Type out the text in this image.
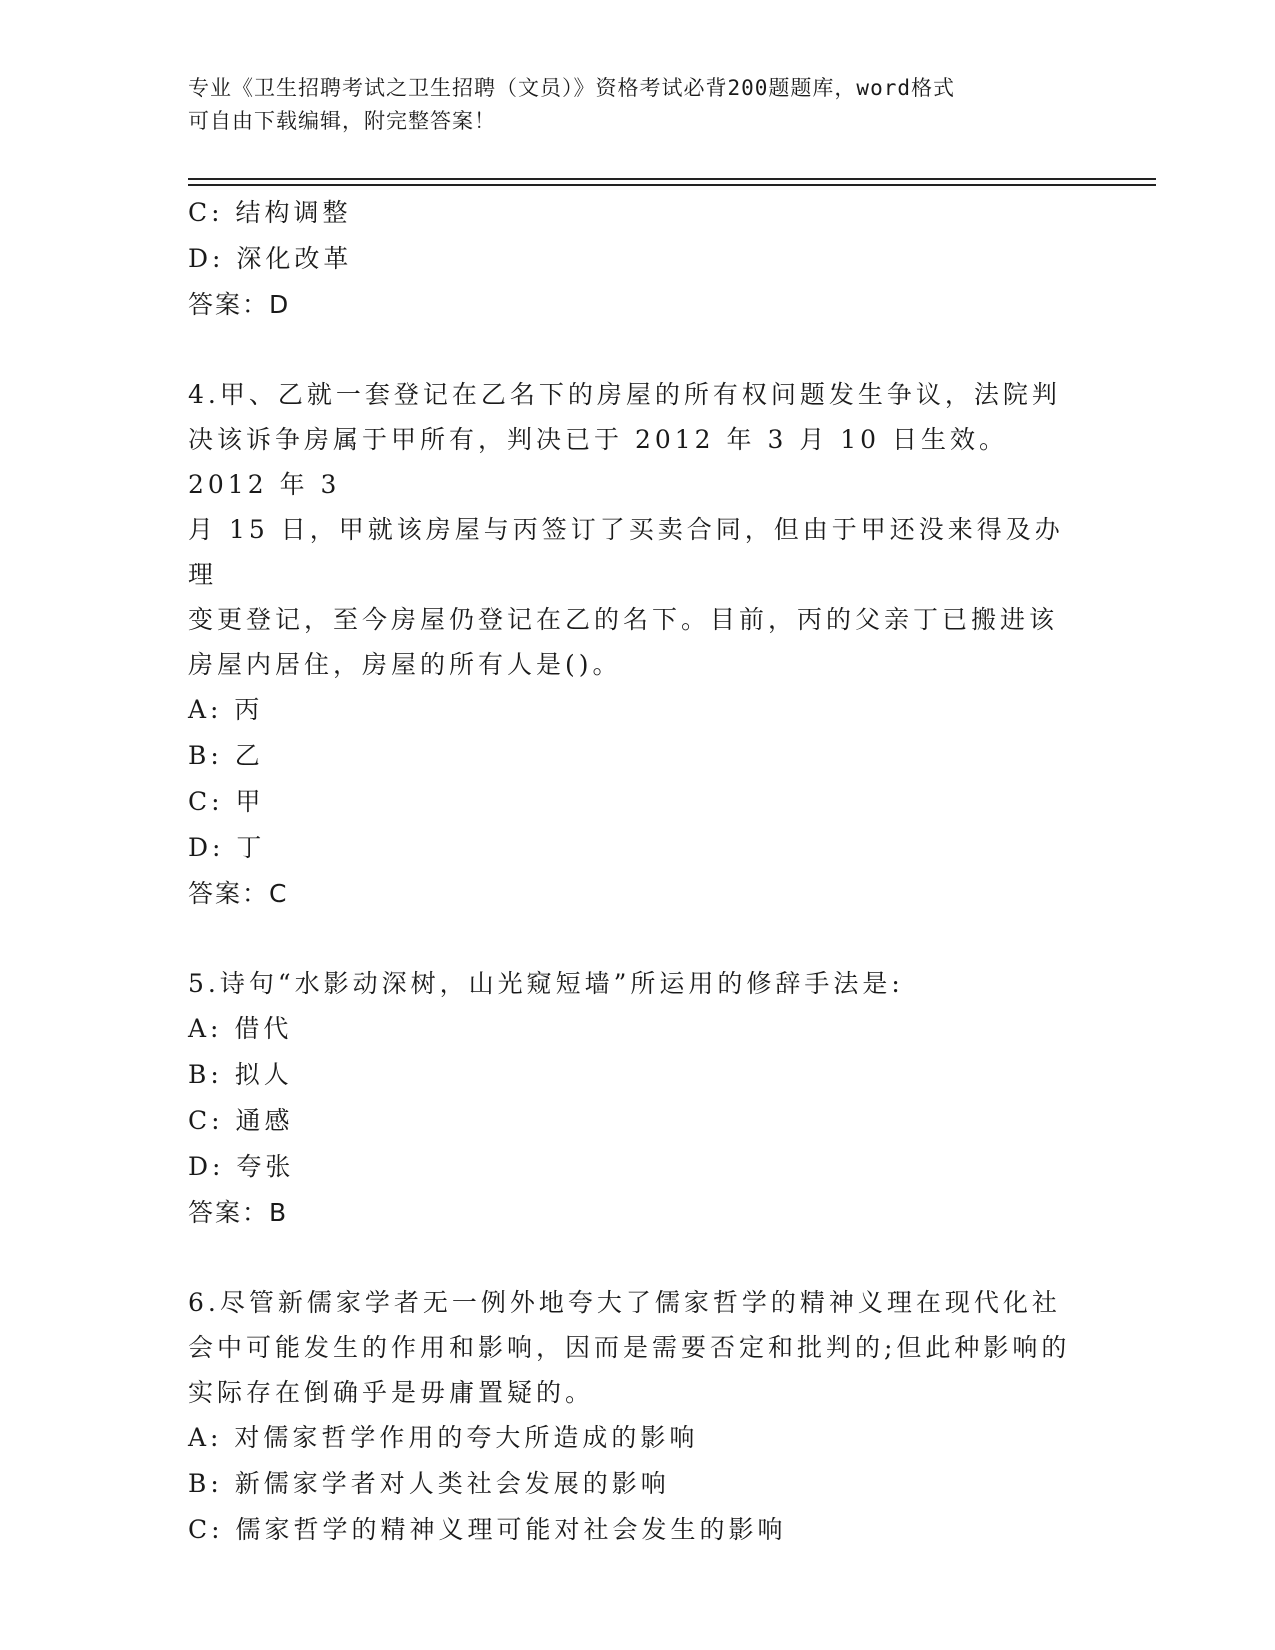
专业《卫生招聘考试之卫生招聘（文员）》资格考试必背200题题库，word格式
可自由下载编辑，附完整答案！
C: 结构调整
D: 深化改革
答案：D
4.甲、乙就一套登记在乙名下的房屋的所有权问题发生争议，法院判
决该诉争房属于甲所有，判决已于 2012 年 3 月 10 日生效。2012 年 3
月 15 日，甲就该房屋与丙签订了买卖合同，但由于甲还没来得及办理
变更登记，至今房屋仍登记在乙的名下。目前，丙的父亲丁已搬进该
房屋内居住，房屋的所有人是()。
A: 丙
B: 乙
C: 甲
D: 丁
答案：C
5.诗句“水影动深树，山光窥短墙”所运用的修辞手法是:
A: 借代
B: 拟人
C: 通感
D: 夸张
答案：B
6.尽管新儒家学者无一例外地夸大了儒家哲学的精神义理在现代化社
会中可能发生的作用和影响，因而是需要否定和批判的;但此种影响的
实际存在倒确乎是毋庸置疑的。
A: 对儒家哲学作用的夸大所造成的影响
B: 新儒家学者对人类社会发展的影响
C: 儒家哲学的精神义理可能对社会发生的影响
